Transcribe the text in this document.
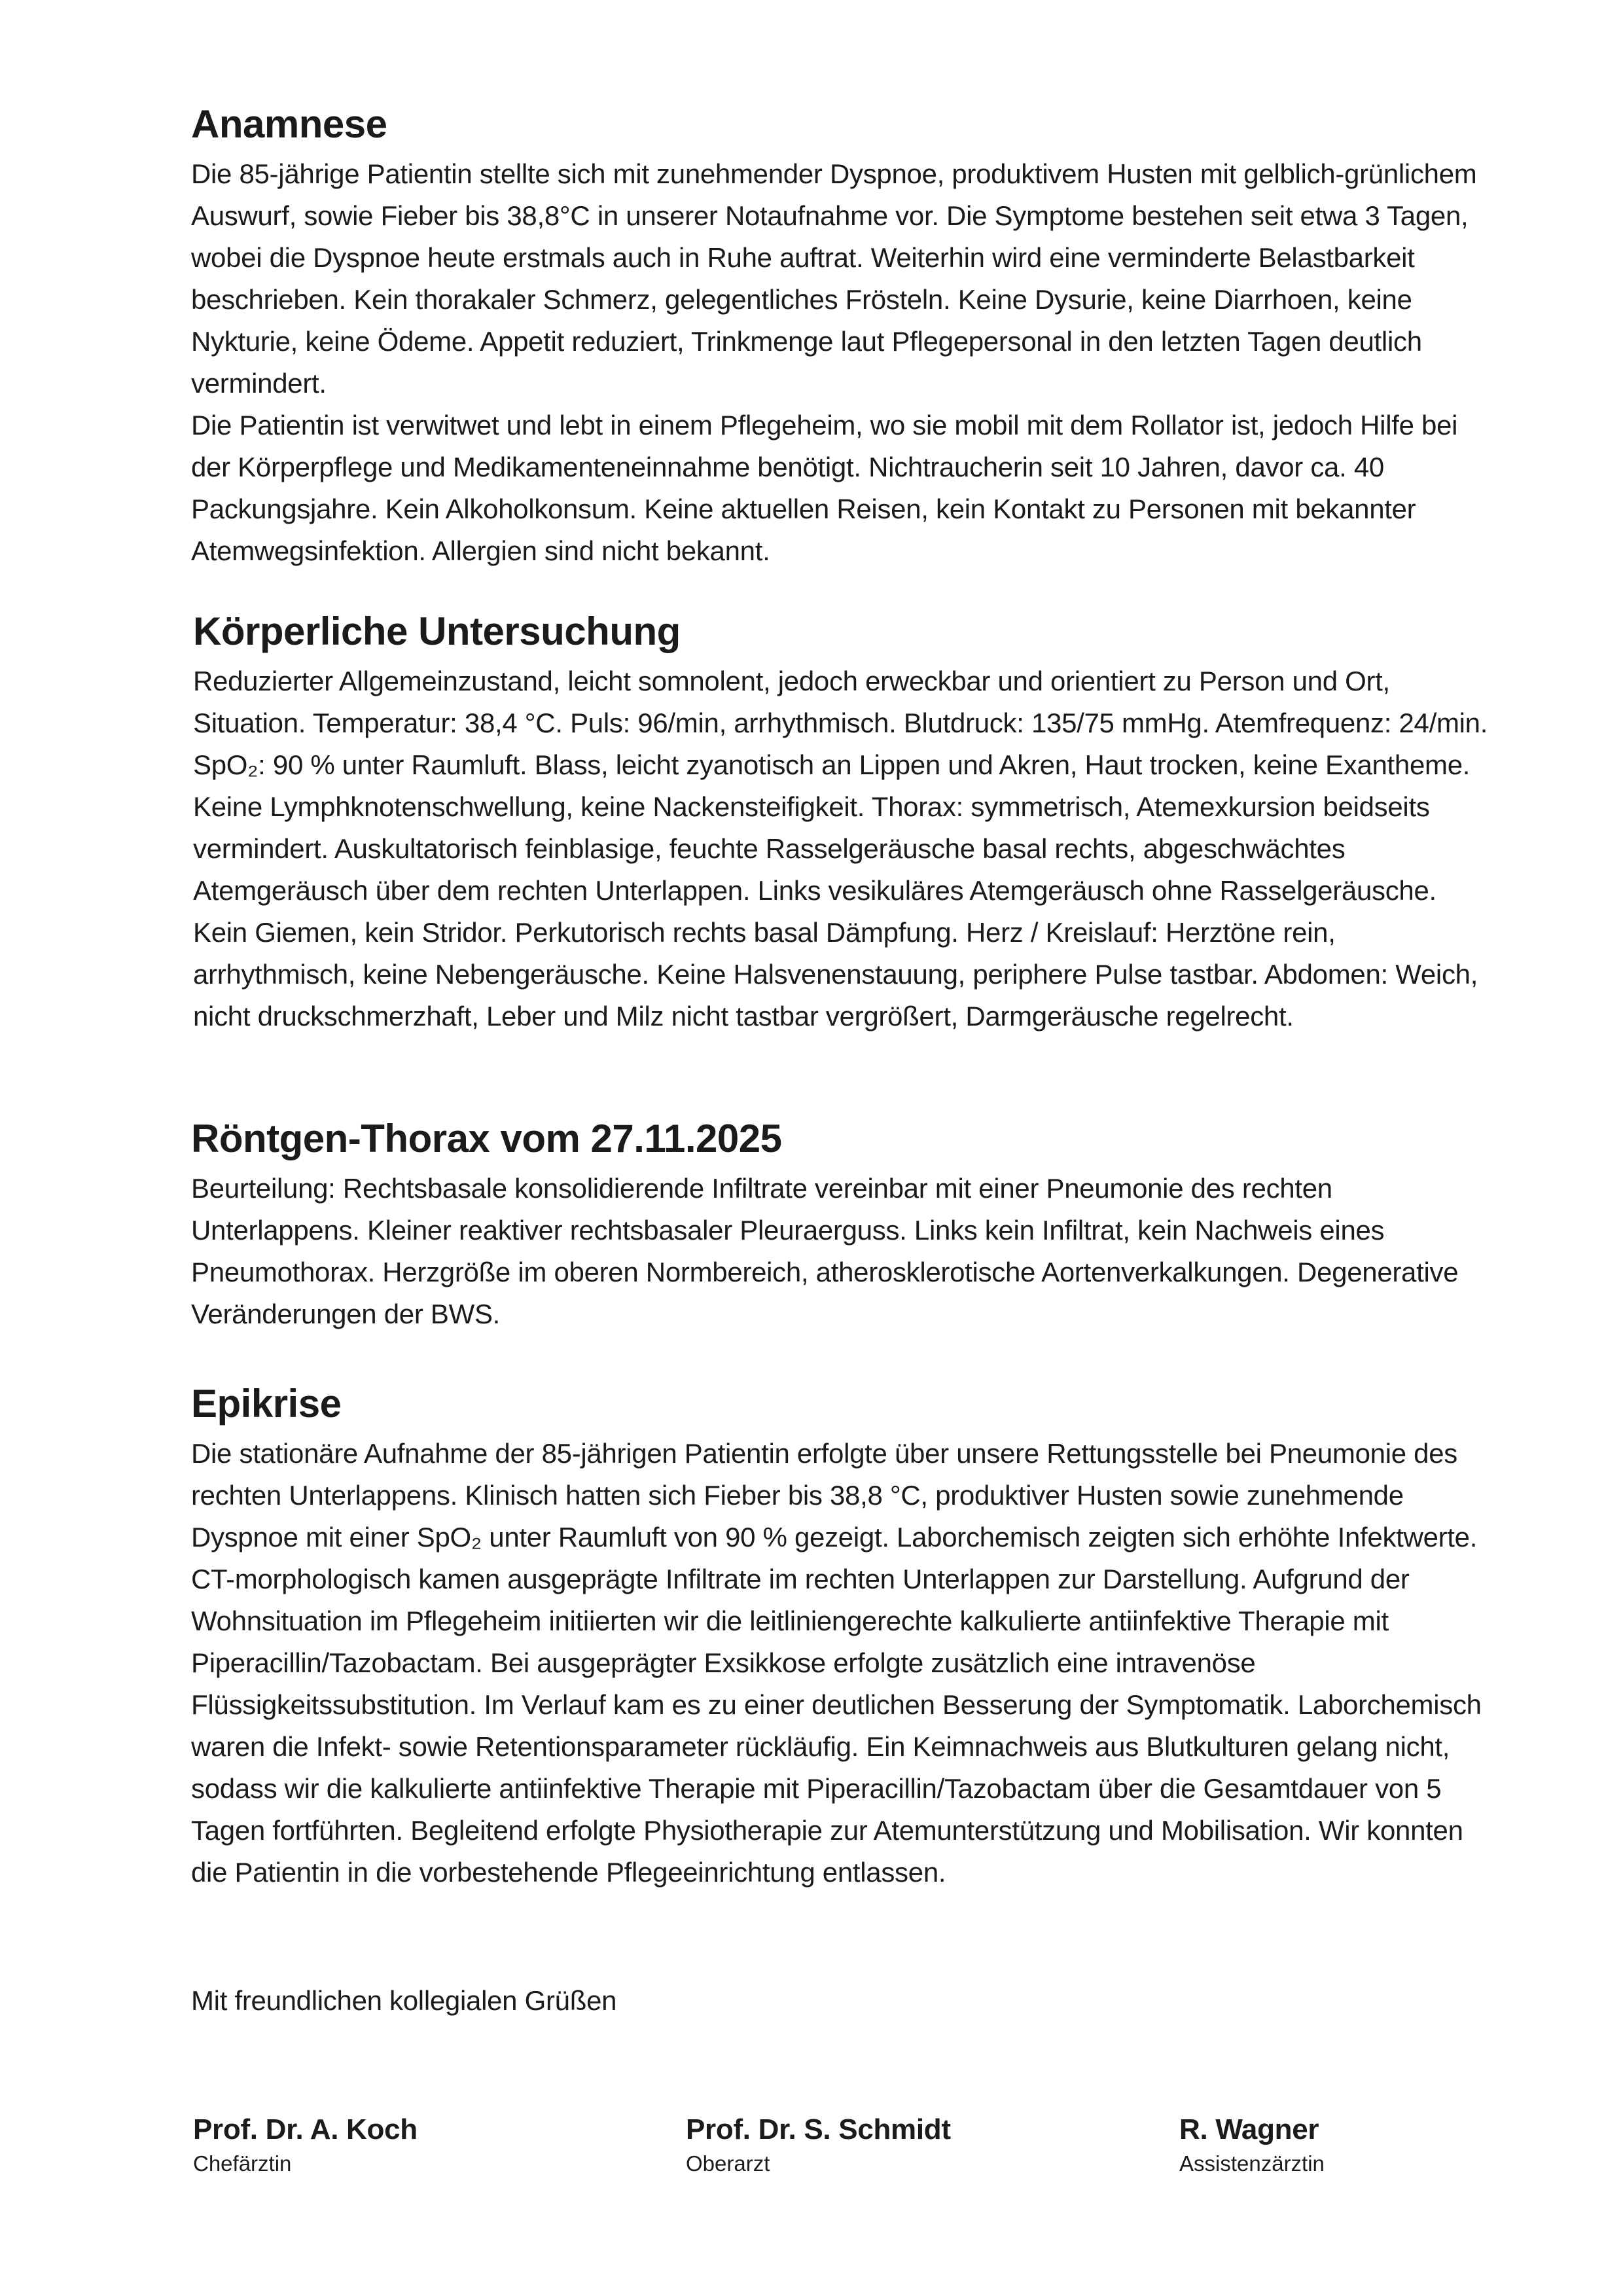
Anamnese

Die 85-jährige Patientin stellte sich mit zunehmender Dyspnoe, produktivem Husten mit gelblich-grünlichem Auswurf, sowie Fieber bis 38,8°C in unserer Notaufnahme vor. Die Symptome bestehen seit etwa 3 Tagen, wobei die Dyspnoe heute erstmals auch in Ruhe auftrat. Weiterhin wird eine verminderte Belastbarkeit beschrieben. Kein thorakaler Schmerz, gelegentliches Frösteln. Keine Dysurie, keine Diarrhoen, keine Nykturie, keine Ödeme. Appetit reduziert, Trinkmenge laut Pflegepersonal in den letzten Tagen deutlich vermindert.

Die Patientin ist verwitwet und lebt in einem Pflegeheim, wo sie mobil mit dem Rollator ist, jedoch Hilfe bei der Körperpflege und Medikamenteneinnahme benötigt. Nichtraucherin seit 10 Jahren, davor ca. 40 Packungsjahre. Kein Alkoholkonsum. Keine aktuellen Reisen, kein Kontakt zu Personen mit bekannter Atemwegsinfektion. Allergien sind nicht bekannt.

Körperliche Untersuchung

Reduzierter Allgemeinzustand, leicht somnolent, jedoch erweckbar und orientiert zu Person und Ort, Situation. Temperatur: 38,4 °C. Puls: 96/min, arrhythmisch. Blutdruck: 135/75 mmHg. Atemfrequenz: 24/min. SpO₂: 90 % unter Raumluft. Blass, leicht zyanotisch an Lippen und Akren, Haut trocken, keine Exantheme. Keine Lymphknotenschwellung, keine Nackensteifigkeit. Thorax: symmetrisch, Atemexkursion beidseits vermindert. Auskultatorisch feinblasige, feuchte Rasselgeräusche basal rechts, abgeschwächtes Atemgeräusch über dem rechten Unterlappen. Links vesikuläres Atemgeräusch ohne Rasselgeräusche. Kein Giemen, kein Stridor. Perkutorisch rechts basal Dämpfung. Herz / Kreislauf: Herztöne rein, arrhythmisch, keine Nebengeräusche. Keine Halsvenenstauung, periphere Pulse tastbar. Abdomen: Weich, nicht druckschmerzhaft, Leber und Milz nicht tastbar vergrößert, Darmgeräusche regelrecht.

Röntgen-Thorax vom 27.11.2025

Beurteilung: Rechtsbasale konsolidierende Infiltrate vereinbar mit einer Pneumonie des rechten Unterlappens. Kleiner reaktiver rechtsbasaler Pleuraerguss. Links kein Infiltrat, kein Nachweis eines Pneumothorax. Herzgröße im oberen Normbereich, atherosklerotische Aortenverkalkungen. Degenerative Veränderungen der BWS.

Epikrise

Die stationäre Aufnahme der 85-jährigen Patientin erfolgte über unsere Rettungsstelle bei Pneumonie des rechten Unterlappens. Klinisch hatten sich Fieber bis 38,8 °C, produktiver Husten sowie zunehmende Dyspnoe mit einer SpO₂ unter Raumluft von 90 % gezeigt. Laborchemisch zeigten sich erhöhte Infektwerte. CT-morphologisch kamen ausgeprägte Infiltrate im rechten Unterlappen zur Darstellung. Aufgrund der Wohnsituation im Pflegeheim initiierten wir die leitliniengerechte kalkulierte antiinfektive Therapie mit Piperacillin/Tazobactam. Bei ausgeprägter Exsikkose erfolgte zusätzlich eine intravenöse Flüssigkeitssubstitution. Im Verlauf kam es zu einer deutlichen Besserung der Symptomatik. Laborchemisch waren die Infekt- sowie Retentionsparameter rückläufig. Ein Keimnachweis aus Blutkulturen gelang nicht, sodass wir die kalkulierte antiinfektive Therapie mit Piperacillin/Tazobactam über die Gesamtdauer von 5 Tagen fortführten. Begleitend erfolgte Physiotherapie zur Atemunterstützung und Mobilisation. Wir konnten die Patientin in die vorbestehende Pflegeeinrichtung entlassen.

Mit freundlichen kollegialen Grüßen
Prof. Dr. A. Koch
Chefärztin
Prof. Dr. S. Schmidt
Oberarzt
R. Wagner
Assistenzärztin
